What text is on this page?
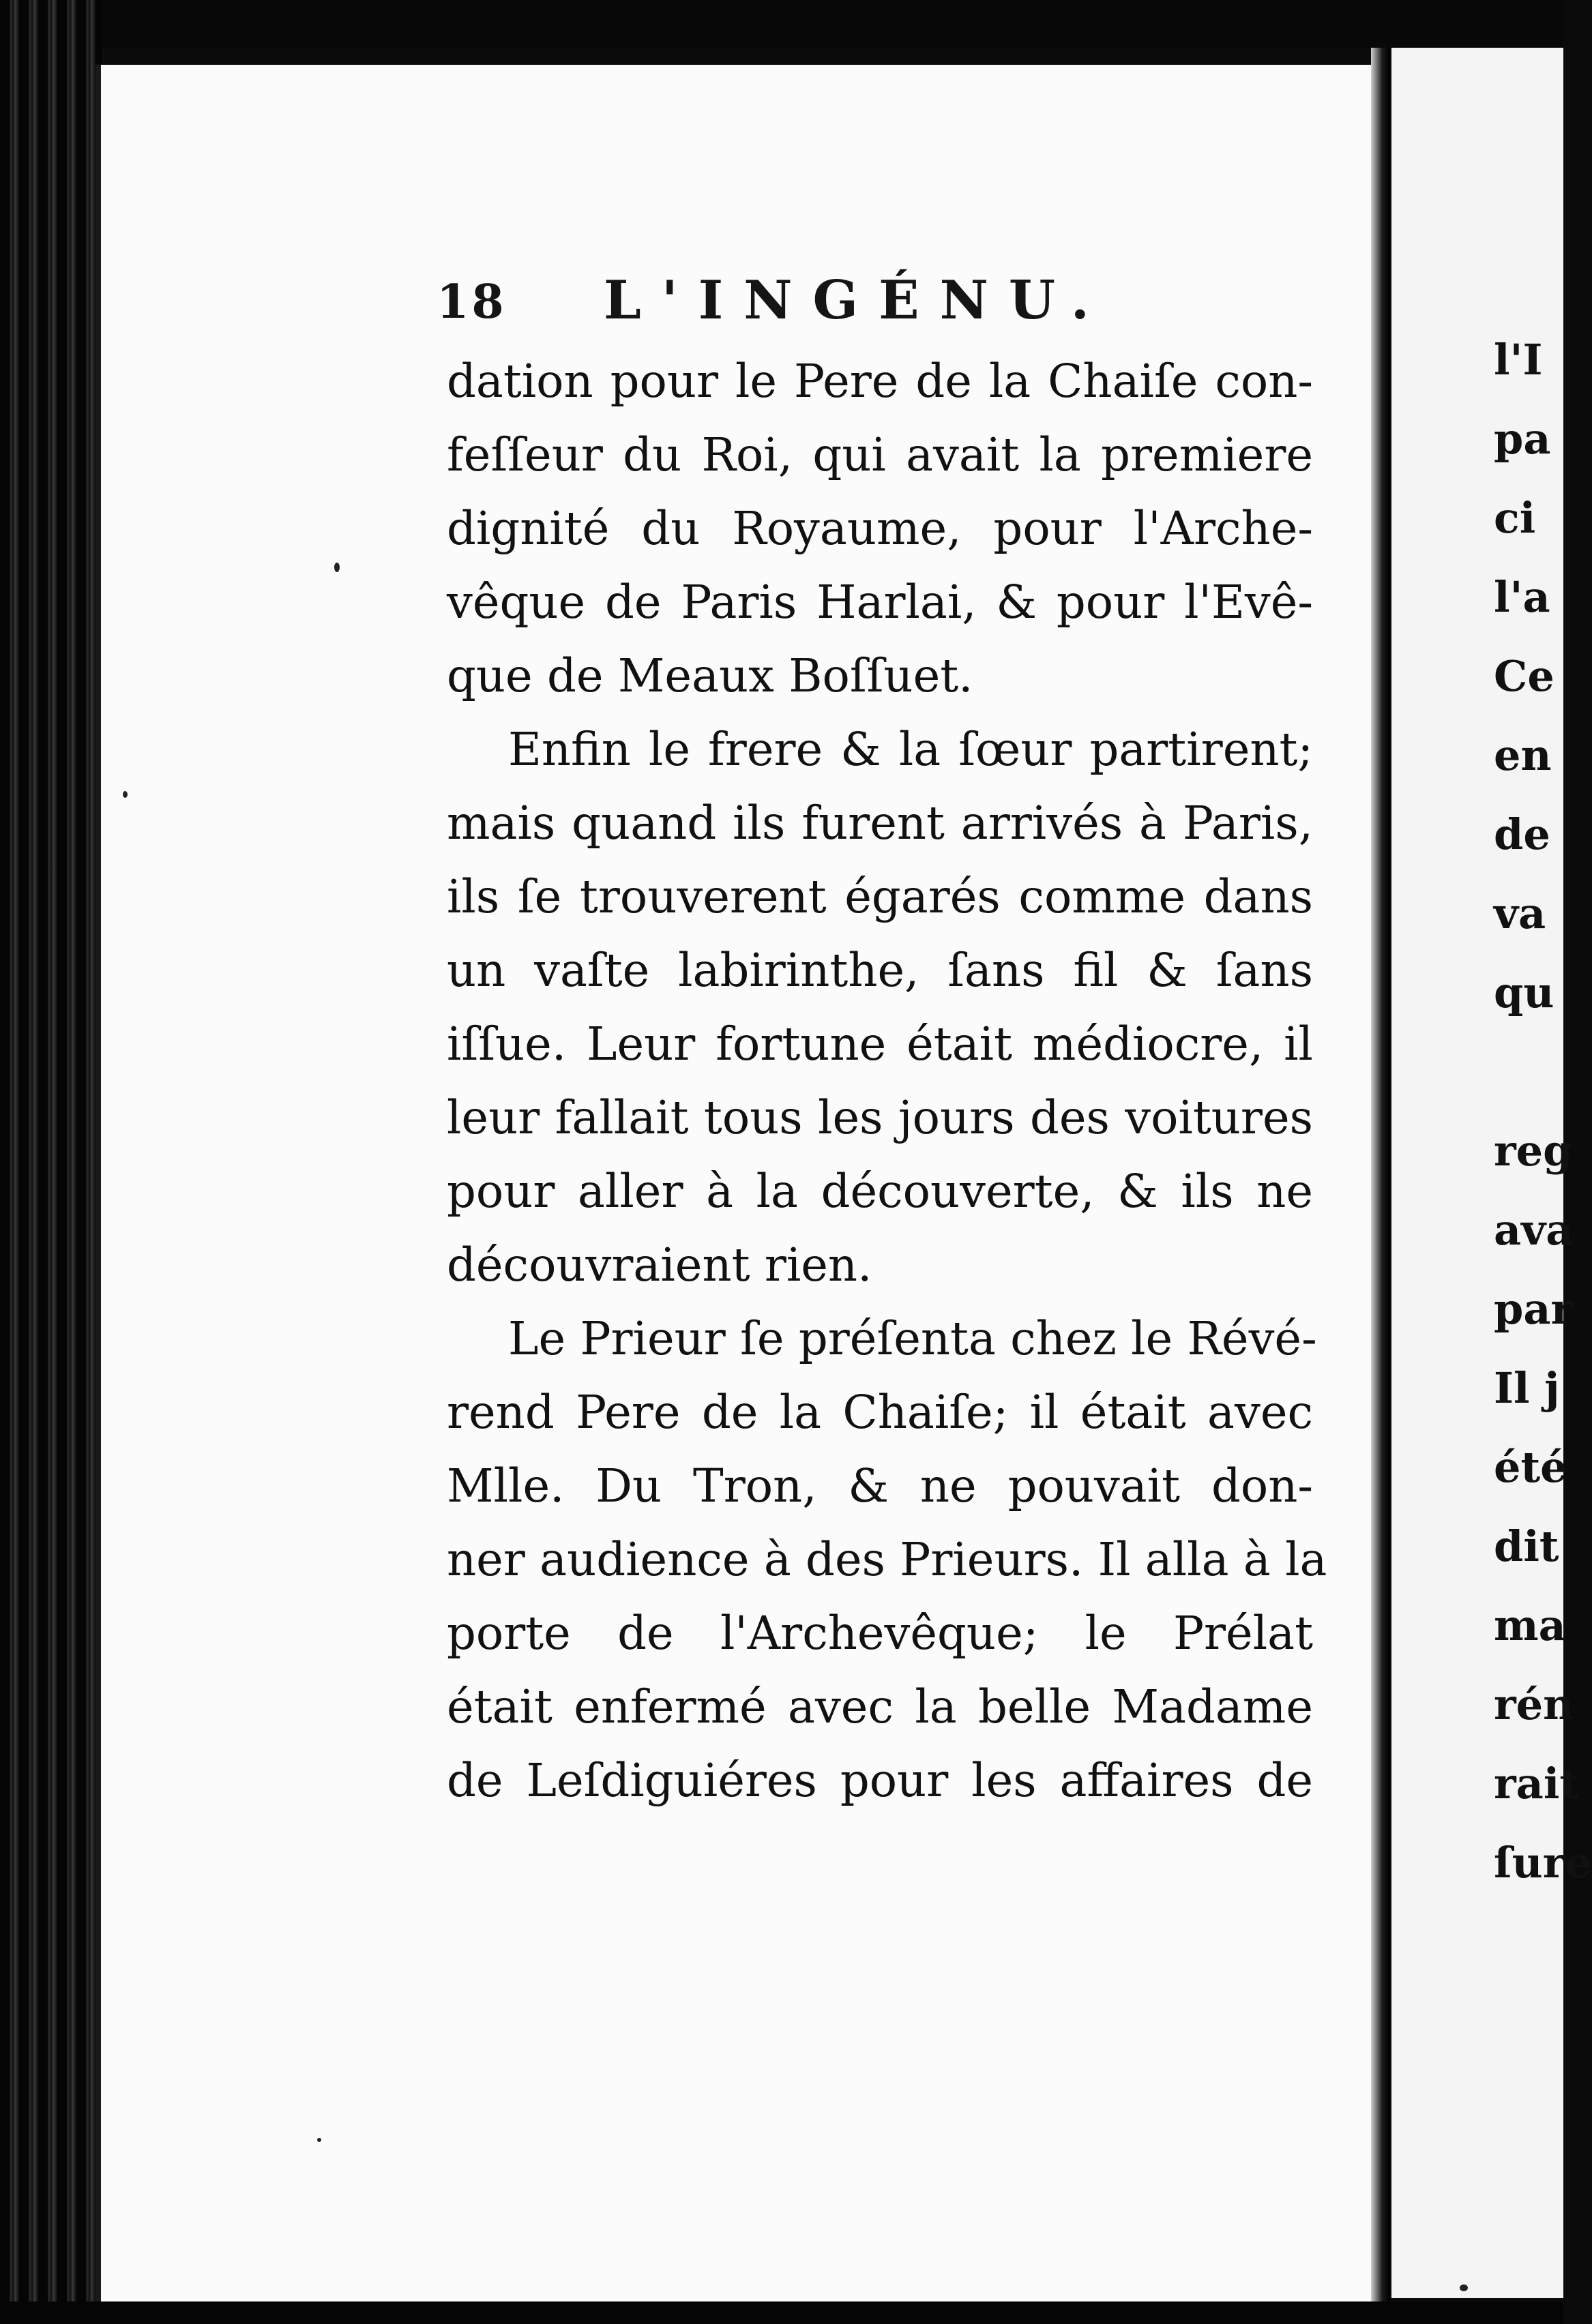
18 L'INGÉNU.
dation pour le Pere de la Chaiſe con-
feſſeur du Roi, qui avait la premiere
dignité du Royaume, pour l'Arche-
vêque de Paris Harlai, & pour l'Evê-
que de Meaux Boſſuet.
Enfin le frere & la ſœur partirent;
mais quand ils furent arrivés à Paris,
ils ſe trouverent égarés comme dans
un vaſte labirinthe, ſans fil & ſans
iſſue. Leur fortune était médiocre, il
leur fallait tous les jours des voitures
pour aller à la découverte, & ils ne
découvraient rien.
Le Prieur ſe préſenta chez le Révé-
rend Pere de la Chaiſe; il était avec
Mlle. Du Tron, & ne pouvait don-
ner audience à des Prieurs. Il alla à la
porte de l'Archevêque; le Prélat
était enfermé avec la belle Madame
de Leſdiguiéres pour les affaires de
l'I
pa
ci
l'a
Ce
en
de
va
qu
reg
ava
par
Il j
été
dit
ma
rén
rait
ſure
